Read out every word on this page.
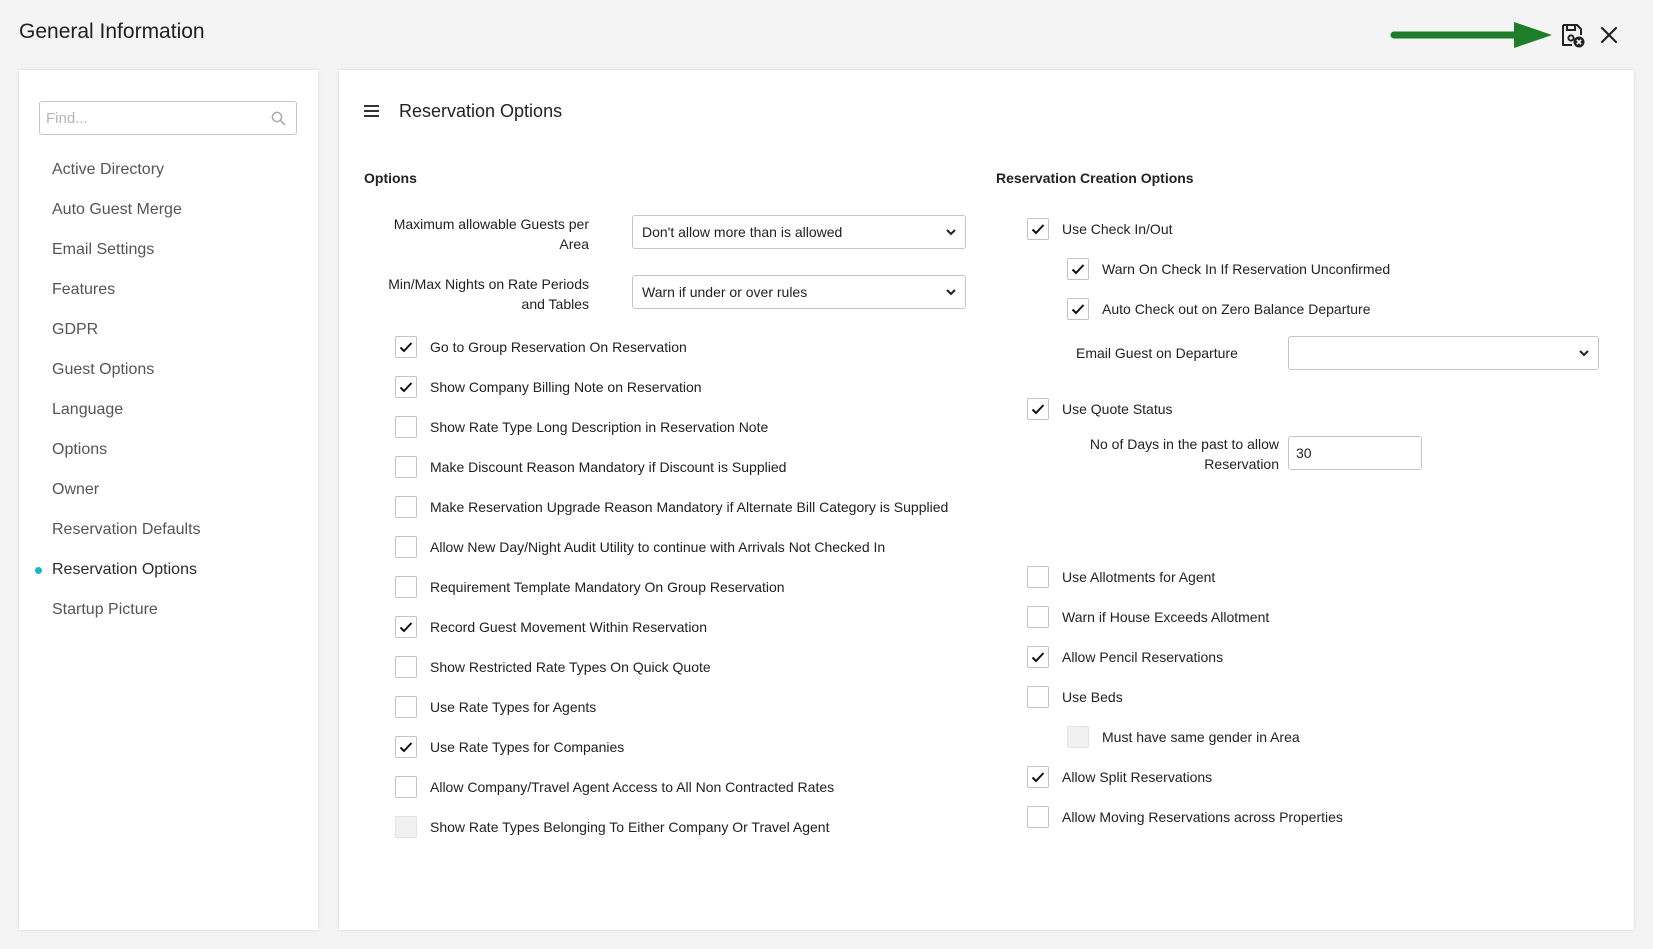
General Information
Find...
Active Directory
Auto Guest Merge
Email Settings
Features
GDPR
Guest Options
Language
Options
Owner
Reservation Defaults
Reservation Options
Startup Picture
Reservation Options
Options
Maximum allowable Guests per Area
Don't allow more than is allowed
Min/Max Nights on Rate Periods and Tables
Warn if under or over rules
Go to Group Reservation On Reservation
Show Company Billing Note on Reservation
Show Rate Type Long Description in Reservation Note
Make Discount Reason Mandatory if Discount is Supplied
Make Reservation Upgrade Reason Mandatory if Alternate Bill Category is Supplied
Allow New Day/Night Audit Utility to continue with Arrivals Not Checked In
Requirement Template Mandatory On Group Reservation
Record Guest Movement Within Reservation
Show Restricted Rate Types On Quick Quote
Use Rate Types for Agents
Use Rate Types for Companies
Allow Company/Travel Agent Access to All Non Contracted Rates
Show Rate Types Belonging To Either Company Or Travel Agent
Reservation Creation Options
Use Check In/Out
Warn On Check In If Reservation Unconfirmed
Auto Check out on Zero Balance Departure
Email Guest on Departure
Use Quote Status
No of Days in the past to allow
Reservation
30
Use Allotments for Agent
Warn if House Exceeds Allotment
Allow Pencil Reservations
Use Beds
Must have same gender in Area
Allow Split Reservations
Allow Moving Reservations across Properties
